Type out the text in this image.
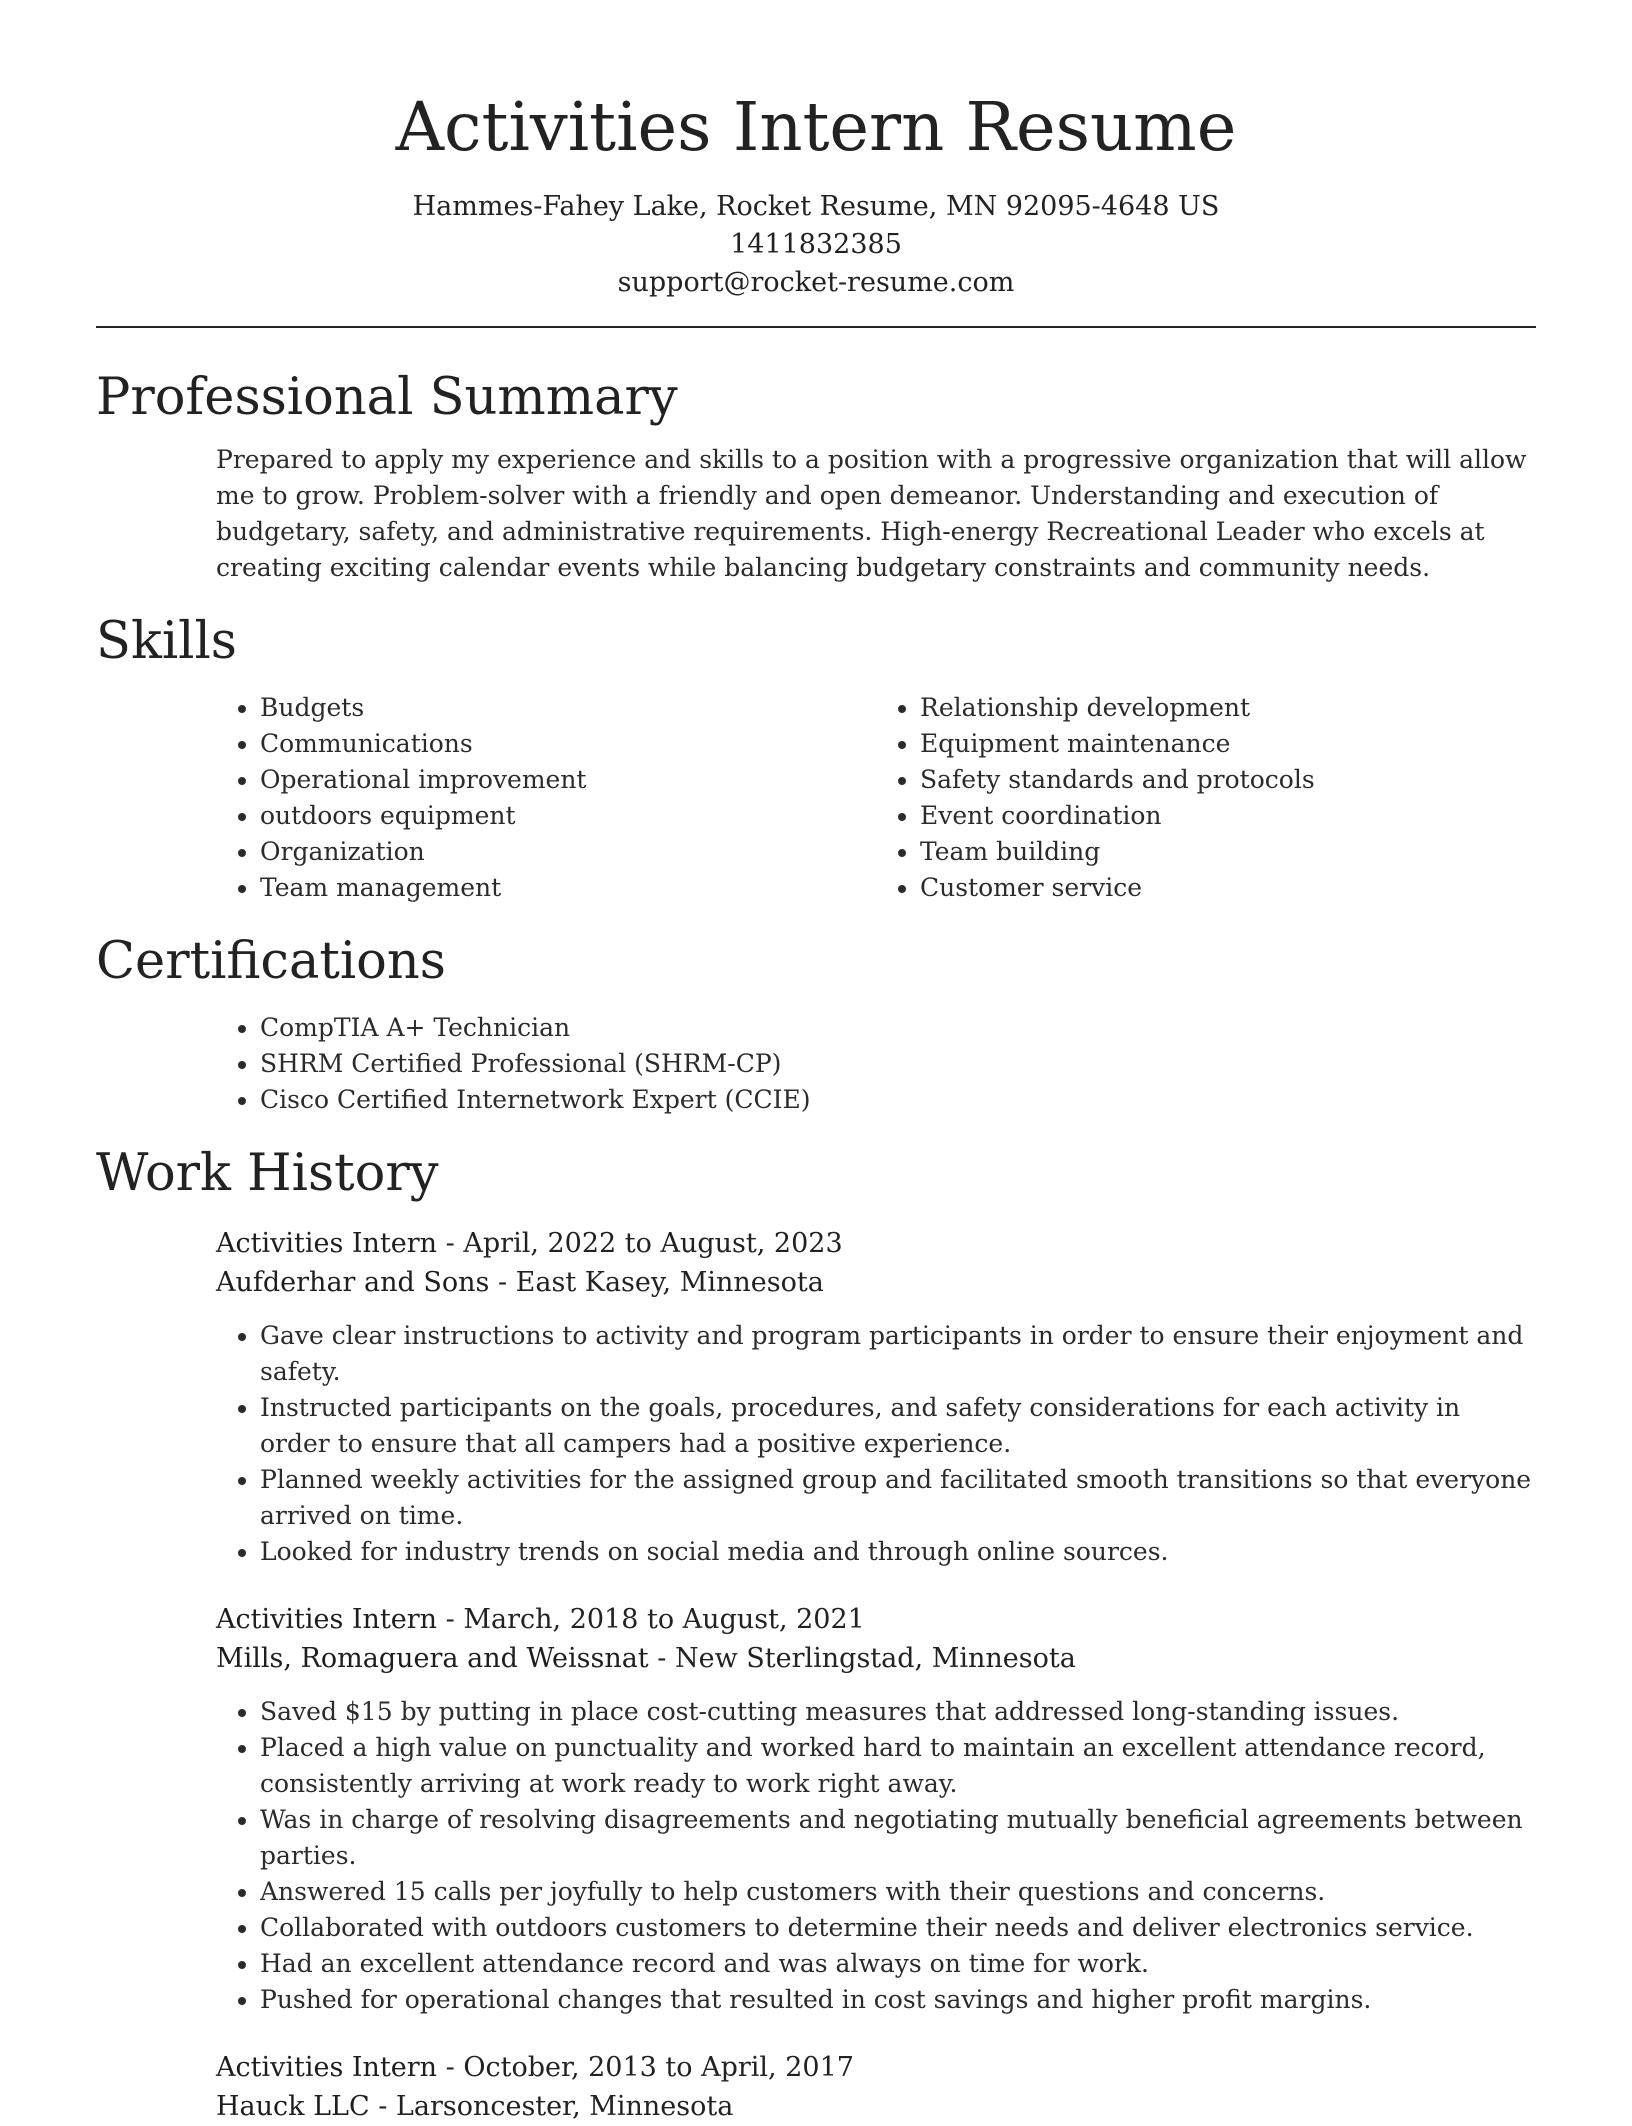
Activities Intern Resume
Hammes-Fahey Lake, Rocket Resume, MN 92095-4648 US
1411832385
support@rocket-resume.com
Professional Summary

Prepared to apply my experience and skills to a position with a progressive organization that will allow me to grow. Problem-solver with a friendly and open demeanor. Understanding and execution of budgetary, safety, and administrative requirements. High-energy Recreational Leader who excels at creating exciting calendar events while balancing budgetary constraints and community needs.

Skills
• Budgets
• Communications
• Operational improvement
• outdoors equipment
• Organization
• Team management
• Relationship development
• Equipment maintenance
• Safety standards and protocols
• Event coordination
• Team building
• Customer service
Certifications
• CompTIA A+ Technician
• SHRM Certified Professional (SHRM-CP)
• Cisco Certified Internetwork Expert (CCIE)
Work History
Activities Intern - April, 2022 to August, 2023
Aufderhar and Sons - East Kasey, Minnesota
• Gave clear instructions to activity and program participants in order to ensure their enjoyment and safety.
• Instructed participants on the goals, procedures, and safety considerations for each activity in order to ensure that all campers had a positive experience.
• Planned weekly activities for the assigned group and facilitated smooth transitions so that everyone arrived on time.
• Looked for industry trends on social media and through online sources.
Activities Intern - March, 2018 to August, 2021
Mills, Romaguera and Weissnat - New Sterlingstad, Minnesota
• Saved $15 by putting in place cost-cutting measures that addressed long-standing issues.
• Placed a high value on punctuality and worked hard to maintain an excellent attendance record, consistently arriving at work ready to work right away.
• Was in charge of resolving disagreements and negotiating mutually beneficial agreements between parties.
• Answered 15 calls per joyfully to help customers with their questions and concerns.
• Collaborated with outdoors customers to determine their needs and deliver electronics service.
• Had an excellent attendance record and was always on time for work.
• Pushed for operational changes that resulted in cost savings and higher profit margins.
Activities Intern - October, 2013 to April, 2017
Hauck LLC - Larsoncester, Minnesota
